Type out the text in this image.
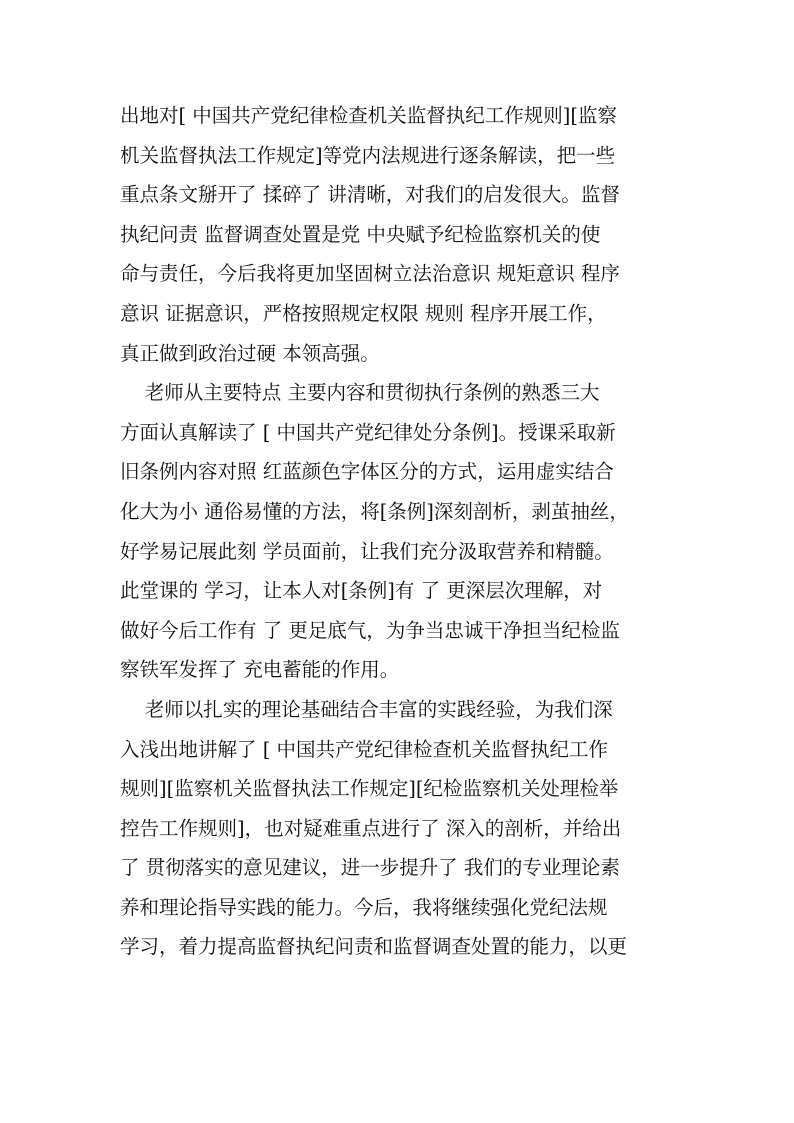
出地对[ 中国共产党纪律检查机关监督执纪工作规则][监察
机关监督执法工作规定]等党内法规进行逐条解读，把一些
重点条文掰开了 揉碎了 讲清晰，对我们的启发很大。监督
执纪问责 监督调查处置是党 中央赋予纪检监察机关的使
命与责任，今后我将更加坚固树立法治意识 规矩意识 程序
意识 证据意识，严格按照规定权限 规则 程序开展工作，
真正做到政治过硬 本领高强。
老师从主要特点 主要内容和贯彻执行条例的熟悉三大
方面认真解读了 [ 中国共产党纪律处分条例]。授课采取新
旧条例内容对照 红蓝颜色字体区分的方式，运用虚实结合
化大为小 通俗易懂的方法，将[条例]深刻剖析，剥茧抽丝，
好学易记展此刻 学员面前，让我们充分汲取营养和精髓。
此堂课的 学习，让本人对[条例]有 了 更深层次理解，对
做好今后工作有 了 更足底气，为争当忠诚干净担当纪检监
察铁军发挥了 充电蓄能的作用。
老师以扎实的理论基础结合丰富的实践经验，为我们深
入浅出地讲解了 [ 中国共产党纪律检查机关监督执纪工作
规则][监察机关监督执法工作规定][纪检监察机关处理检举
控告工作规则]，也对疑难重点进行了 深入的剖析，并给出
了 贯彻落实的意见建议，进一步提升了 我们的专业理论素
养和理论指导实践的能力。今后，我将继续强化党纪法规
学习，着力提高监督执纪问责和监督调查处置的能力，以更
